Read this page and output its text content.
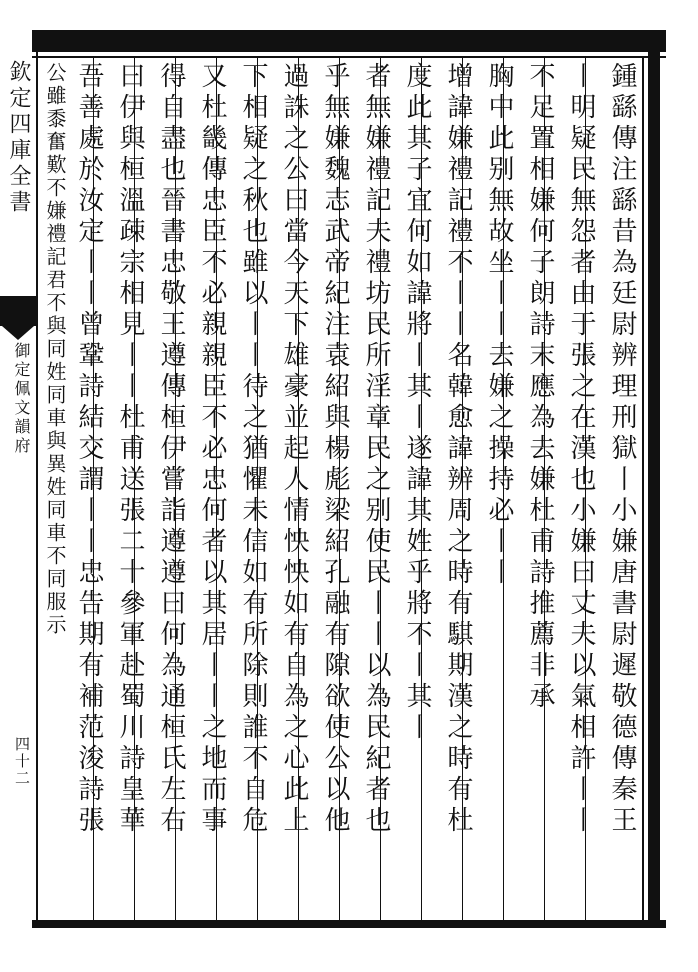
欽定四庫全書
御定佩文韻府
四十二	鍾繇傳注繇昔為廷尉辨理刑獄丨小嫌唐書尉遲敬德傳秦王
丨明疑民無怨者由于張之在漢也小嫌曰丈夫以氣相許丨丨
不足置相嫌何子朗詩末應為去嫌杜甫詩推薦非承
胸中此别無故坐丨丨去嫌之操持必丨丨
增諱嫌禮記禮不丨丨名韓愈諱辨周之時有騏期漢之時有杜
度此其子宜何如諱將丨其丨遂諱其姓乎將不丨其丨
者無嫌禮記夫禮坊民所淫章民之别使民丨丨以為民紀者也
乎無嫌魏志武帝紀注袁紹與楊彪梁紹孔融有隙欲使公以他
過誅之公曰當今天下雄豪並起人情怏怏如有自為之心此上
下相疑之秋也雖以丨丨待之猶懼未信如有所除則誰不自危
又杜畿傳忠臣不必親親臣不必忠何者以其居丨丨之地而事
得自盡也晉書忠敬王遵傳桓伊嘗詣遵遵曰何為通桓氏左右
曰伊與桓溫疎宗相見丨丨杜甫送張二十參軍赴蜀川詩皇華
吾善處於汝定丨丨曾鞏詩結交謂丨丨忠告期有補范浚詩張
公雖黍奮歎不嫌禮記君不與同姓同車與異姓同車不同服示
